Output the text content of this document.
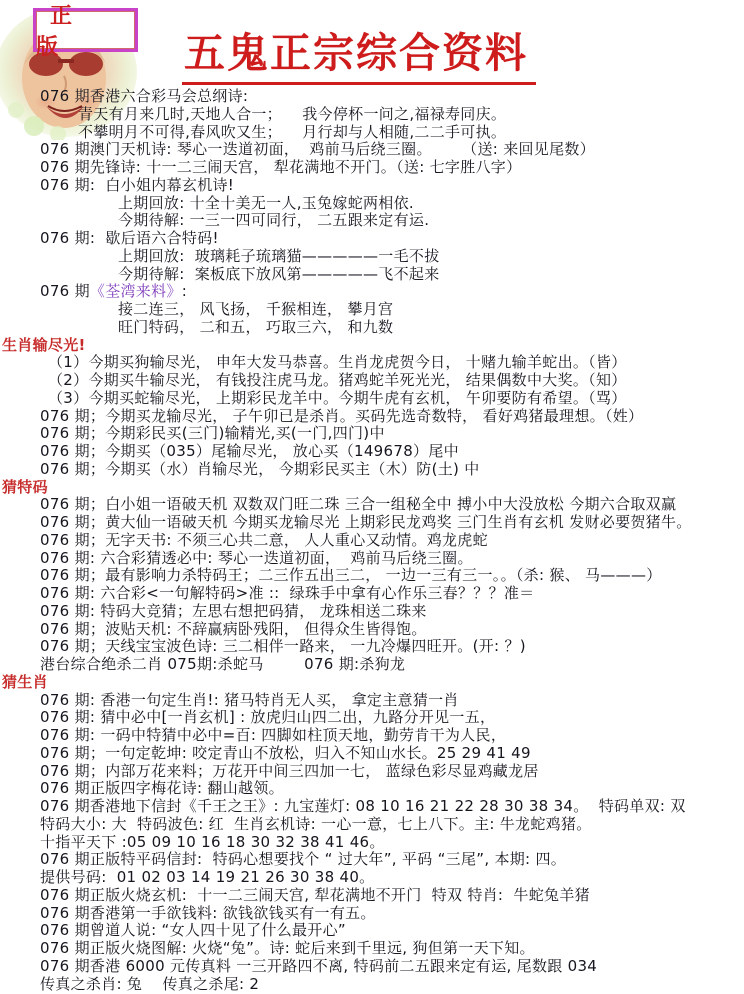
正 版	五鬼正宗综合资料
076 期香港六合彩马会总纲诗:
青天有月来几时,天地人合一；    我今停杯一问之,福禄寿同庆。
不攀明月不可得,春风吹又生；    月行却与人相随,二二手可执。
076 期澳门天机诗: 琴心一迭道初面，  鸡前马后绕三圈。      （送: 来回见尾数）
076 期先锋诗: 十一二三闹天宫， 犁花满地不开门。（送: 七字胜八字）
076 期:  白小姐内幕玄机诗!
上期回放: 十全十美无一人,玉兔嫁蛇两相依.
今期待解: 一三一四可同行， 二五跟来定有运.
076 期:  歇后语六合特码!
上期回放:  玻璃耗子琉璃猫—————一毛不拔
今期待解:  案板底下放风第—————飞不起来
076 期《荃湾来料》:
接二连三， 风飞扬， 千猴相连， 攀月宫
旺门特码， 二和五， 巧取三六， 和九数
生肖输尽光!
（1）今期买狗输尽光， 申年大发马恭喜。生肖龙虎贺今日， 十赌九输羊蛇出。（皆）
（2）今期买牛输尽光， 有钱投注虎马龙。猪鸡蛇羊死光光， 结果偶数中大奖。（知）
（3）今期买蛇输尽光， 上期彩民龙羊中。今期牛虎有玄机， 午卯要防有希望。（骂）
076 期；今期买龙输尽光， 子午卯已是杀肖。买码先选奇数特， 看好鸡猪最理想。（姓）
076 期；今期彩民买(三门)输精光,买(一门,四门)中
076 期；今期买（035）尾输尽光， 放心买（149678）尾中
076 期；今期买（水）肖输尽光， 今期彩民买主（木）防(土) 中
猜特码
076 期；白小姐一语破天机 双数双门旺二珠 三合一组秘全中 搏小中大没放松 今期六合取双赢
076 期；黄大仙一语破天机 今期买龙输尽光 上期彩民龙鸡奖 三门生肖有玄机 发财必要贺猪牛。
076 期；无字天书: 不须三心共二意， 人人重心又动情。鸡龙虎蛇
076 期: 六合彩猜透必中: 琴心一迭道初面，  鸡前马后绕三圈。
076 期；最有影响力杀特码王；二三作五出三二， 一边一三有三一。。（杀: 猴、 马———）
076 期: 六合彩<一句解特码>准 ::  绿珠手中拿有心作乐三春？？？准＝
076 期: 特码大竞猜；左思右想把码猜， 龙珠相送二珠来
076 期；波贴天机: 不辞赢病卧残阳， 但得众生皆得饱。
076 期；天线宝宝波色诗: 三二相伴一路来， 一九冷爆四旺开。(开: ？)
港台综合绝杀二肖 075期:杀蛇马        076 期:杀狗龙
猜生肖
076 期: 香港一句定生肖!: 猪马特肖无人买， 拿定主意猜一肖
076 期: 猜中必中[一肖玄机] : 放虎归山四二出，九路分开见一五，
076 期: 一码中特猜中必中=百: 四脚如柱顶天地，勤劳肯干为人民，
076 期；一句定乾坤: 咬定青山不放松，归入不知山水长。25 29 41 49
076 期；内部万花来料；万花开中间三四加一七， 蓝绿色彩尽显鸡藏龙居
076 期正版四字梅花诗: 翻山越领。
076 期香港地下信封《千王之王》: 九宝莲灯: 08 10 16 21 22 28 30 38 34。  特码单双: 双
特码大小: 大  特码波色: 红  生肖玄机诗: 一心一意，七上八下。主: 牛龙蛇鸡猪。
十指平天下 :05 09 10 16 18 30 32 38 41 46。
076 期正版特平码信封:  特码心想要找个 “ 过大年”, 平码 “三尾”, 本期: 四。
提供号码:  01 02 03 14 19 21 26 30 38 40。
076 期正版火烧玄机:  十一二三闹天宫, 犁花满地不开门  特双 特肖:  牛蛇兔羊猪
076 期香港第一手欲钱料: 欲钱欲钱买有一有五。
076 期曾道人说: “女人四十见了什么最开心”
076 期正版火烧图解: 火烧“兔”。诗: 蛇后来到千里远, 狗但第一天下知。
076 期香港 6000 元传真料 一三开路四不离, 特码前二五跟来定有运, 尾数跟 034
传真之杀肖: 兔    传真之杀尾: 2
